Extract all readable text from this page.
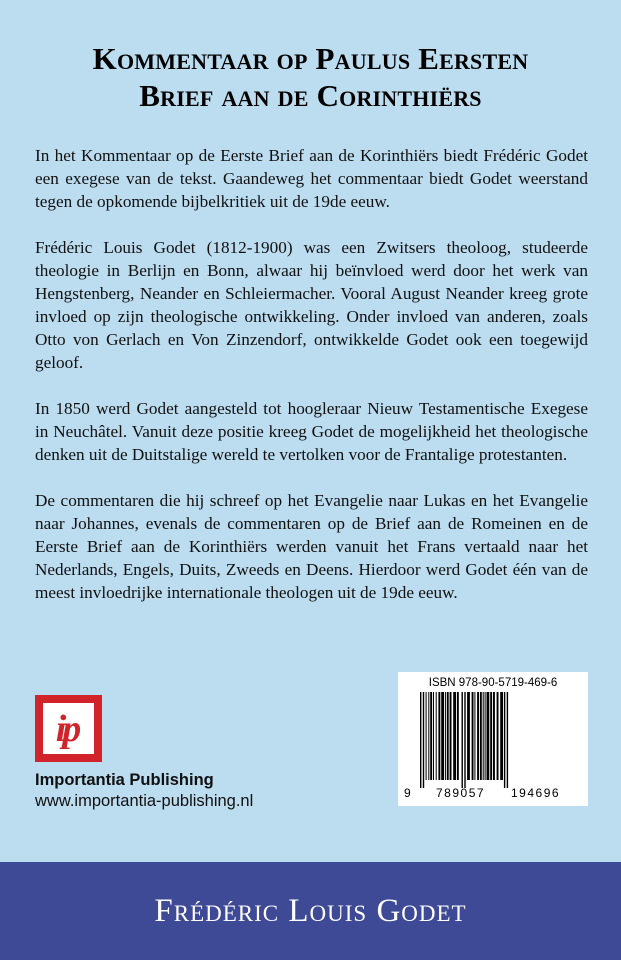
Kommentaar op Paulus Eersten
Brief aan de Corinthiërs

In het Kommentaar op de Eerste Brief aan de Korinthiërs biedt Frédéric Godet een exegese van de tekst. Gaandeweg het commentaar biedt Godet weerstand tegen de opkomende bijbelkritiek uit de 19de eeuw.

Frédéric Louis Godet (1812-1900) was een Zwitsers theoloog, studeerde theologie in Berlijn en Bonn, alwaar hij beïnvloed werd door het werk van Hengstenberg, Neander en Schleiermacher. Vooral August Neander kreeg grote invloed op zijn theologische ontwikkeling. Onder invloed van anderen, zoals Otto von Gerlach en Von Zinzendorf, ontwikkelde Godet ook een toegewijd geloof.

In 1850 werd Godet aangesteld tot hoogleraar Nieuw Testamentische Exegese in Neuchâtel. Vanuit deze positie kreeg Godet de mogelijkheid het theologische denken uit de Duitstalige wereld te vertolken voor de Frantalige protestanten.

De commentaren die hij schreef op het Evangelie naar Lukas en het Evangelie naar Johannes, evenals de commentaren op de Brief aan de Romeinen en de Eerste Brief aan de Korinthiërs werden vanuit het Frans vertaald naar het Nederlands, Engels, Duits, Zweeds en Deens. Hierdoor werd Godet één van de meest invloedrijke internationale theologen uit de 19de eeuw.

ip
Importantia Publishing
www.importantia-publishing.nl
ISBN 978-90-5719-469-6
9 789057 194696
Frédéric Louis Godet
